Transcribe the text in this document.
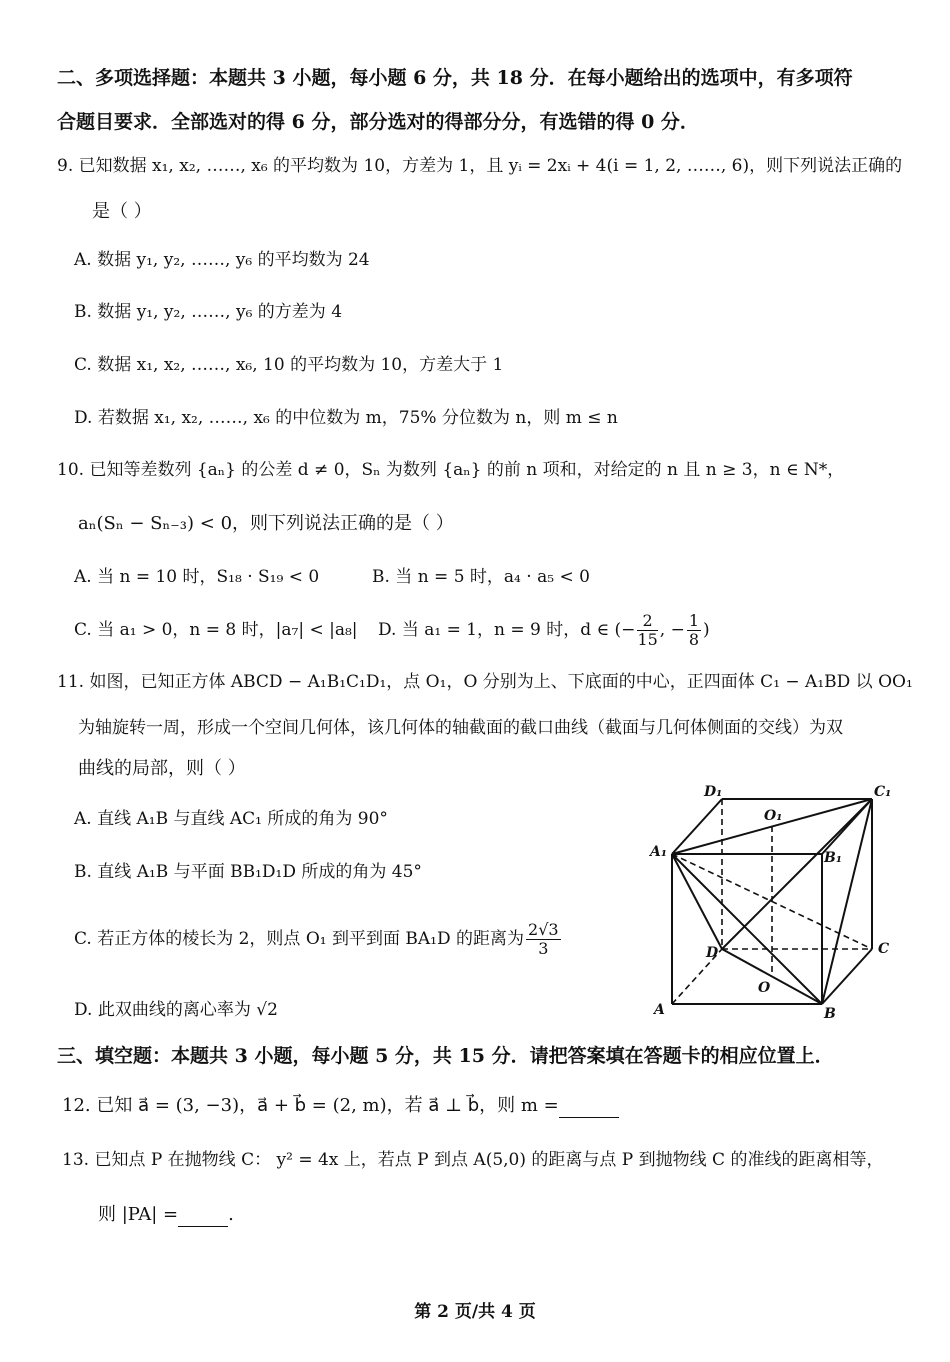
二、多项选择题：本题共 3 小题，每小题 6 分，共 18 分．在每小题给出的选项中，有多项符
合题目要求．全部选对的得 6 分，部分选对的得部分分，有选错的得 0 分．
9. 已知数据 x₁, x₂, ……, x₆ 的平均数为 10，方差为 1，且 yᵢ = 2xᵢ + 4(i = 1, 2, ……, 6)，则下列说法正确的
是（ ）
A. 数据 y₁, y₂, ……, y₆ 的平均数为 24
B. 数据 y₁, y₂, ……, y₆ 的方差为 4
C. 数据 x₁, x₂, ……, x₆, 10 的平均数为 10，方差大于 1
D. 若数据 x₁, x₂, ……, x₆ 的中位数为 m，75% 分位数为 n，则 m ≤ n
10. 已知等差数列 {aₙ} 的公差 d ≠ 0，Sₙ 为数列 {aₙ} 的前 n 项和，对给定的 n 且 n ≥ 3，n ∈ N*，
aₙ(Sₙ − Sₙ₋₃) < 0，则下列说法正确的是（ ）
A. 当 n = 10 时，S₁₈ · S₁₉ < 0	B. 当 n = 5 时，a₄ · a₅ < 0
C. 当 a₁ > 0，n = 8 时，|a₇| < |a₈| D. 当 a₁ = 1，n = 9 时，d ∈ (− $\frac{2}{15}$ , − $\frac{1}{8}$ )
11. 如图，已知正方体 ABCD − A₁B₁C₁D₁，点 O₁，O 分别为上、下底面的中心，正四面体 C₁ − A₁BD 以 OO₁
为轴旋转一周，形成一个空间几何体，该几何体的轴截面的截口曲线（截面与几何体侧面的交线）为双
曲线的局部，则（ ）
A. 直线 A₁B 与直线 AC₁ 所成的角为 90°
B. 直线 A₁B 与平面 BB₁D₁D 所成的角为 45°
C. 若正方体的棱长为 2，则点 O₁ 到平到面 BA₁D 的距离为 $\frac{2√3}{3}$
D. 此双曲线的离心率为 √2
D₁	C₁
O₁
A₁	B₁
D	C
O
A	B
三、填空题：本题共 3 小题，每小题 5 分，共 15 分．请把答案填在答题卡的相应位置上．
12. 已知 a⃗ = (3, −3)，a⃗ + b⃗ = (2, m)，若 a⃗ ⊥ b⃗，则 m =
13. 已知点 P 在抛物线 C： y² = 4x 上，若点 P 到点 A(5,0) 的距离与点 P 到抛物线 C 的准线的距离相等，
则 |PA| =	.
第 2 页/共 4 页
